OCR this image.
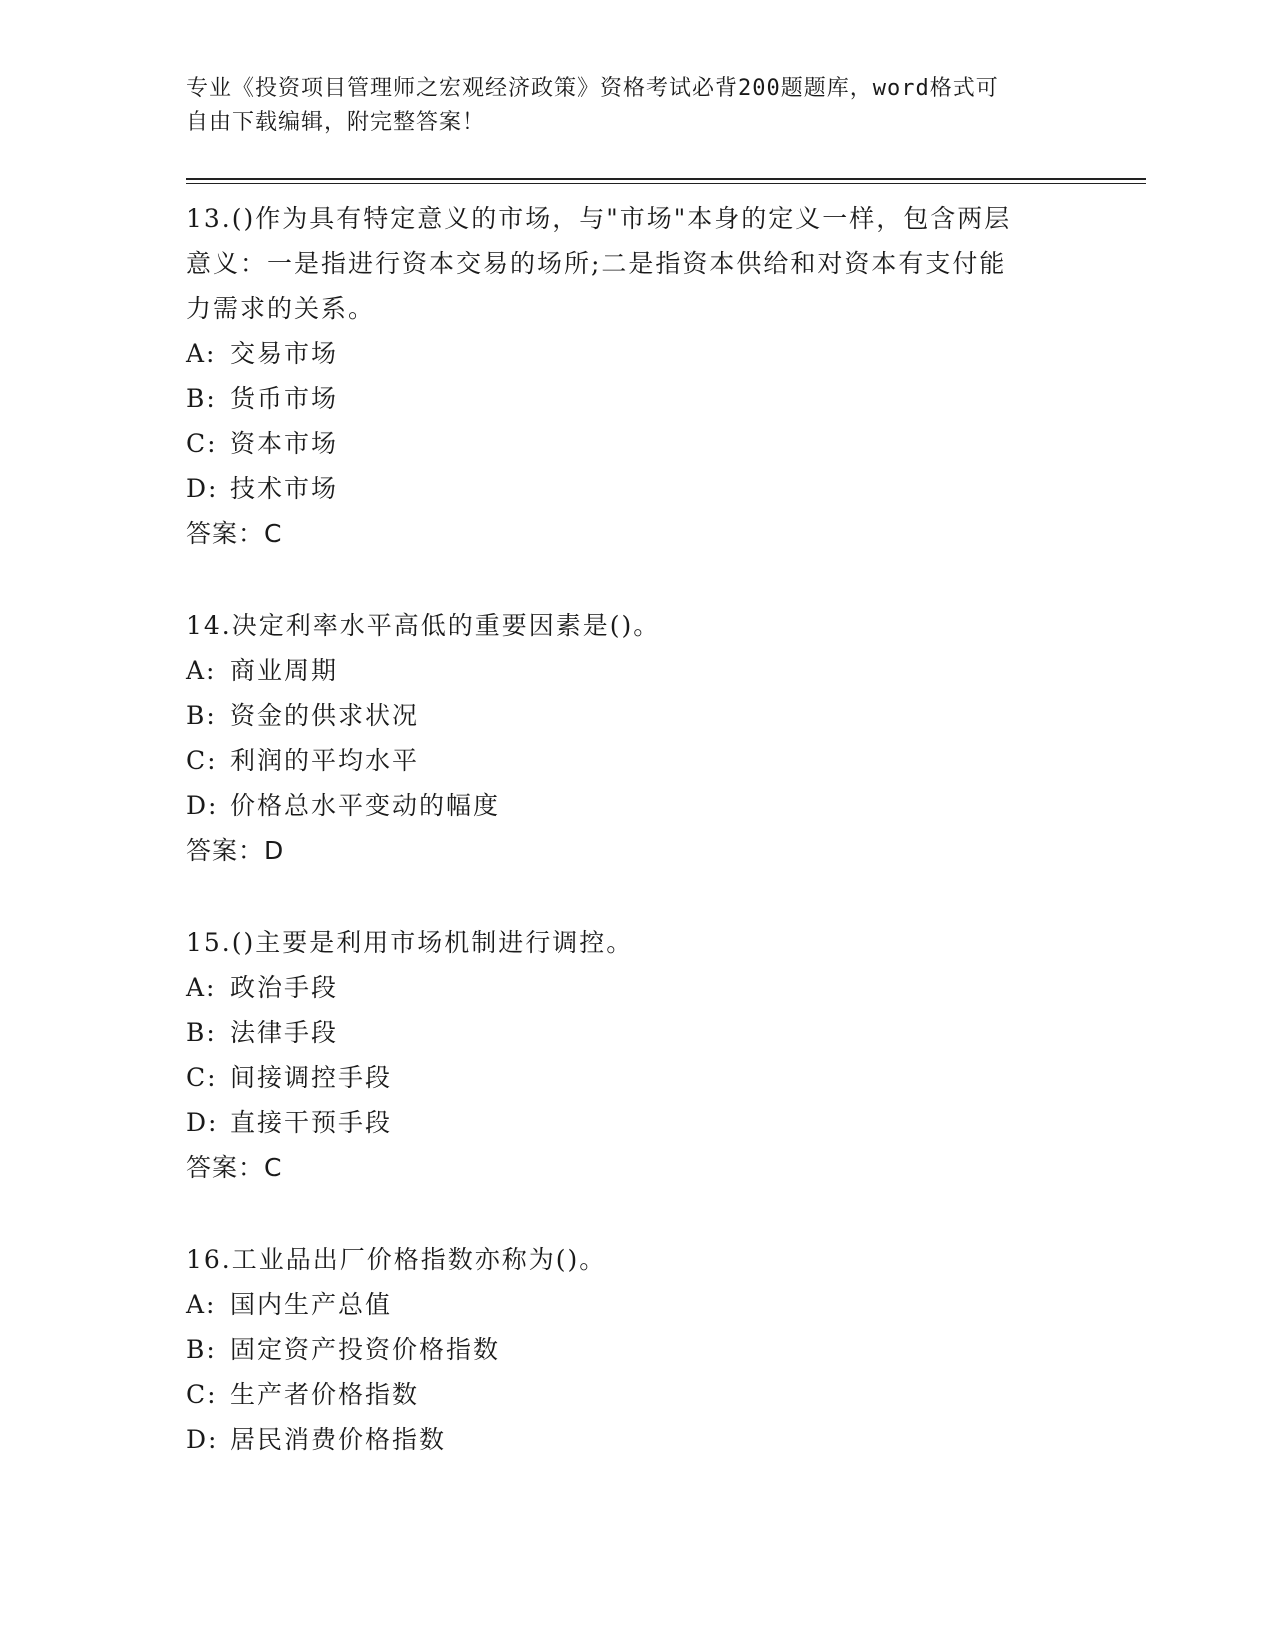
专业《投资项目管理师之宏观经济政策》资格考试必背200题题库，word格式可
自由下载编辑，附完整答案！

13.()作为具有特定意义的市场，与"市场"本身的定义一样，包含两层
意义：一是指进行资本交易的场所;二是指资本供给和对资本有支付能
力需求的关系。

A: 交易市场

B: 货币市场

C: 资本市场

D: 技术市场

答案：C

14.决定利率水平高低的重要因素是()。

A: 商业周期

B: 资金的供求状况

C: 利润的平均水平

D: 价格总水平变动的幅度

答案：D

15.()主要是利用市场机制进行调控。

A: 政治手段

B: 法律手段

C: 间接调控手段

D: 直接干预手段

答案：C

16.工业品出厂价格指数亦称为()。

A: 国内生产总值

B: 固定资产投资价格指数

C: 生产者价格指数

D: 居民消费价格指数
